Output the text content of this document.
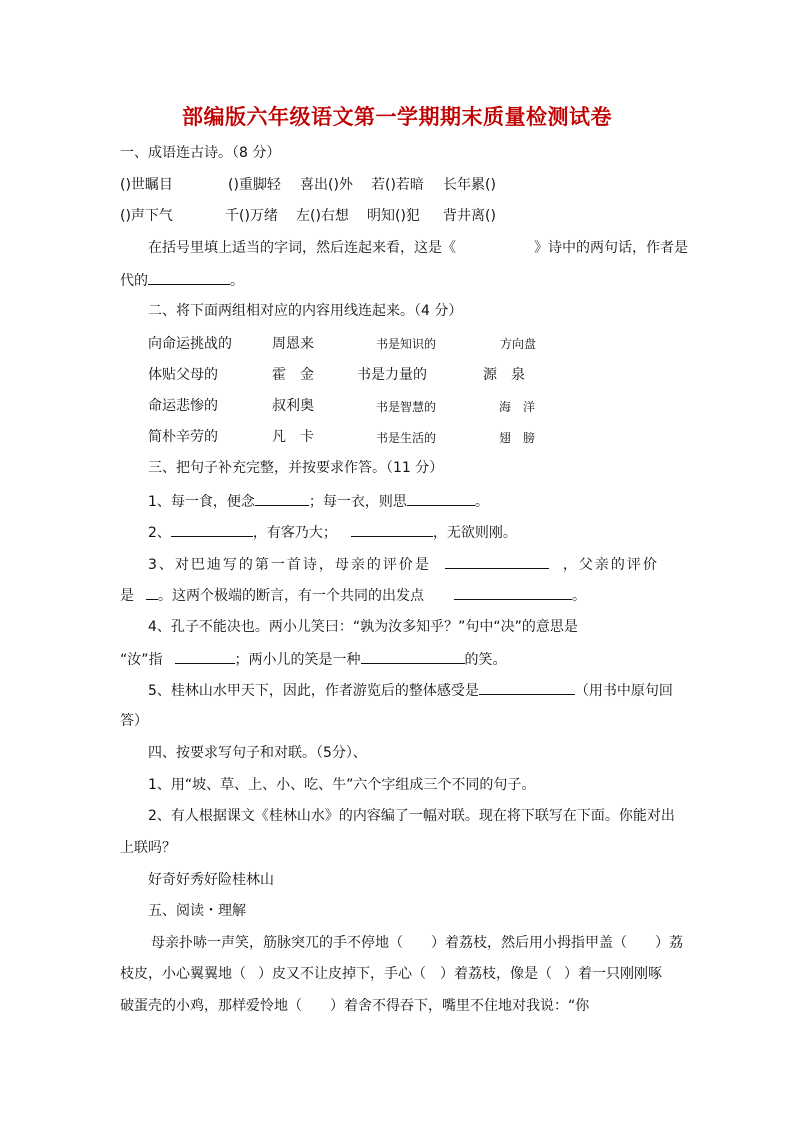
部编版六年级语文第一学期期末质量检测试卷
一、成语连古诗。（8 分）
()世瞩目	()重脚轻 喜出()外 若()若暗 长年累()
()声下气	千()万绪 左()右想 明知()犯 背井离()
在括号里填上适当的字词，然后连起来看，这是《	》诗中的两句话，作者是
代的	。
二、将下面两组相对应的内容用线连起来。（4 分）
向命运挑战的	周恩来	书是知识的	方向盘
体贴父母的	霍　金	书是力量的	源　泉
命运悲惨的	叔利奥	书是智慧的	海　洋
简朴辛劳的	凡　卡	书是生活的	翅　膀
三、把句子补充完整，并按要求作答。（11 分）
1、每一食，便念	；每一衣，则思	。
2、	，有客乃大；	，无欲则刚。
3、对巴迪写的第一首诗，母亲的评价是	，父亲的评价
是 。这两个极端的断言，有一个共同的出发点	。
4、孔子不能决也。两小儿笑曰：“孰为汝多知乎？”句中“决”的意思是
“汝”指	；两小儿的笑是一种	的笑。
5、桂林山水甲天下，因此，作者游览后的整体感受是	（用书中原句回
答）
四、按要求写句子和对联。（5分）、
1、用“坡、草、上、小、吃、牛”六个字组成三个不同的句子。
2、有人根据课文《桂林山水》的内容编了一幅对联。现在将下联写在下面。你能对出
上联吗？
好奇好秀好险桂林山
五、阅读・理解
母亲扑哧一声笑，筋脉突兀的手不停地（ ）着荔枝，然后用小拇指甲盖（ ）荔
枝皮，小心翼翼地（ ）皮又不让皮掉下，手心（ ）着荔枝，像是（ ）着一只刚刚啄
破蛋壳的小鸡，那样爱怜地（ ）着舍不得吞下，嘴里不住地对我说：“你
